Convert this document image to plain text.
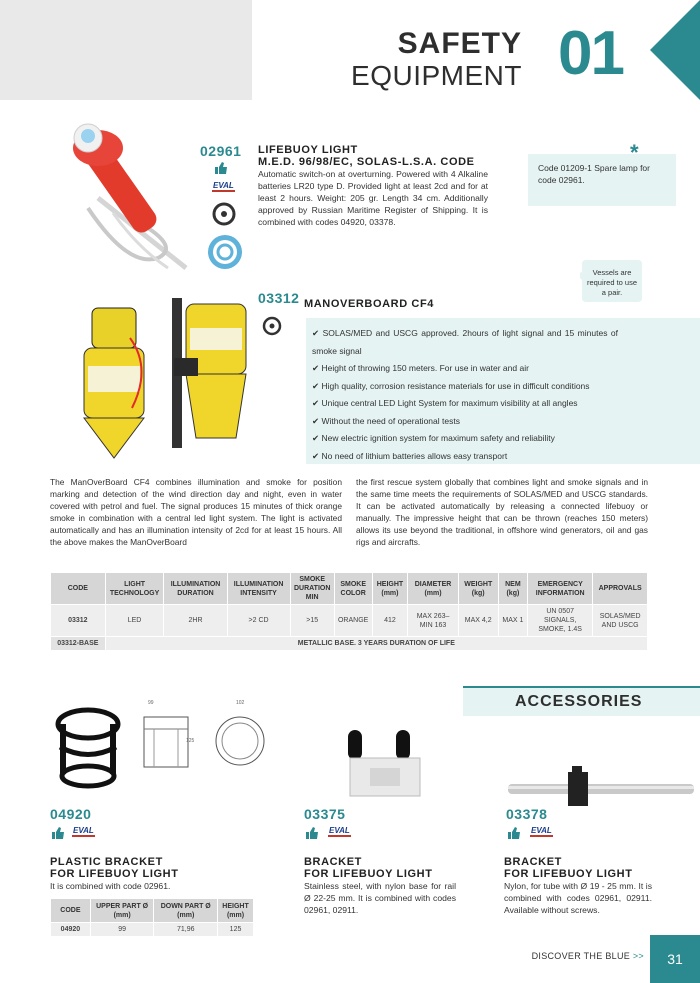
SAFETY
EQUIPMENT 01
02961
EVAL
LIFEBUOY LIGHT
M.E.D. 96/98/EC, SOLAS-L.S.A. CODE
Automatic switch-on at overturning. Powered with 4 Alkaline batteries LR20 type D. Provided light at least 2cd and for at least 2 hours. Weight: 205 gr. Length 34 cm. Additionally approved by Russian Maritime Register of Shipping. It is combined with codes 04920, 03378.
Code 01209-1 Spare lamp for code 02961.
*
Vessels are required to use a pair.
03312 MANOVERBOARD CF4
✔ SOLAS/MED and USCG approved. 2hours of light signal and 15 minutes of smoke signal
✔ Height of throwing 150 meters. For use in water and air
✔ High quality, corrosion resistance materials for use in difficult conditions
✔ Unique central LED Light System for maximum visibility at all angles
✔ Without the need of operational tests
✔ New electric ignition system for maximum safety and reliability
✔ No need of lithium batteries allows easy transport
The ManOverBoard CF4 combines illumination and smoke for position marking and detection of the wind direction day and night, even in water covered with petrol and fuel. The signal produces 15 minutes of thick orange smoke in combination with a central led light system. The light is activated automatically and has an illumination intensity of 2cd for at least 15 hours. All the above makes the ManOverBoard
the first rescue system globally that combines light and smoke signals and in the same time meets the requirements of SOLAS/MED and USCG standards. It can be activated automatically by releasing a connected lifebuoy or manually. The impressive height that can be thrown (reaches 150 meters) allows its use beyond the traditional, in offshore wind generators, oil and gas rigs and aircrafts.
CODE	LIGHT TECHNOLOGY	ILLUMINATION DURATION	ILLUMINATION INTENSITY	SMOKE DURATION MIN	SMOKE COLOR	HEIGHT (mm)	DIAMETER (mm)	WEIGHT (kg)	NEM (kg)	EMERGENCY INFORMATION	APPROVALS
03312	LED	2HR	>2 CD	>15	ORANGE	412	MAX 263– MIN 163	MAX 4,2	MAX 1	UN 0507 SIGNALS, SMOKE, 1.4S	SOLAS/MED AND USCG
03312-BASE	METALLIC BASE. 3 YEARS DURATION OF LIFE										
ACCESSORIES
99
125
102
04920
EVAL
PLASTIC BRACKET
FOR LIFEBUOY LIGHT
It is combined with code 02961.
CODE	UPPER PART Ø (mm)	DOWN PART Ø (mm)	HEIGHT (mm)
04920	99	71,96	125
03375
EVAL
BRACKET
FOR LIFEBUOY LIGHT
Stainless steel, with nylon base for rail Ø 22-25 mm. It is combined with codes 02961, 02911.
03378
EVAL
BRACKET
FOR LIFEBUOY LIGHT
Nylon, for tube with Ø 19 - 25 mm. It is combined with codes 02961, 02911. Available without screws.
DISCOVER THE BLUE >>	31
